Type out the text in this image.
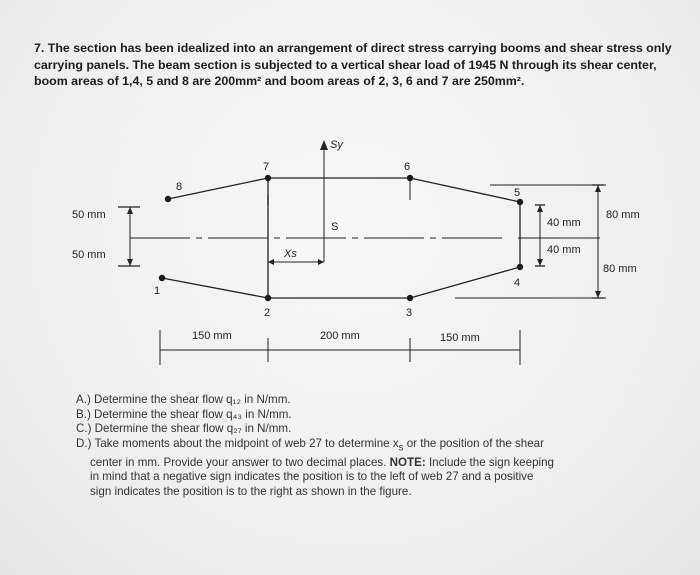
7. The section has been idealized into an arrangement of direct stress carrying booms and shear stress only carrying panels. The beam section is subjected to a vertical shear load of 1945 N through its shear center, boom areas of 1,4, 5 and 8 are 200mm² and boom areas of 2, 3, 6 and 7 are 250mm².

Sy
S
Xs
1
2	3
4
5
6
7
8
50 mm
50 mm
40 mm
40 mm
80 mm
80 mm
150 mm	200 mm	150 mm

A.) Determine the shear flow q₁₂ in N/mm.

B.) Determine the shear flow q₄₃ in N/mm.

C.) Determine the shear flow q₂₇ in N/mm.

D.) Take moments about the midpoint of web 27 to determine $x_s$ or the position of the shear

center in mm. Provide your answer to two decimal places. NOTE: Include the sign keeping

in mind that a negative sign indicates the position is to the left of web 27 and a positive

sign indicates the position is to the right as shown in the figure.
